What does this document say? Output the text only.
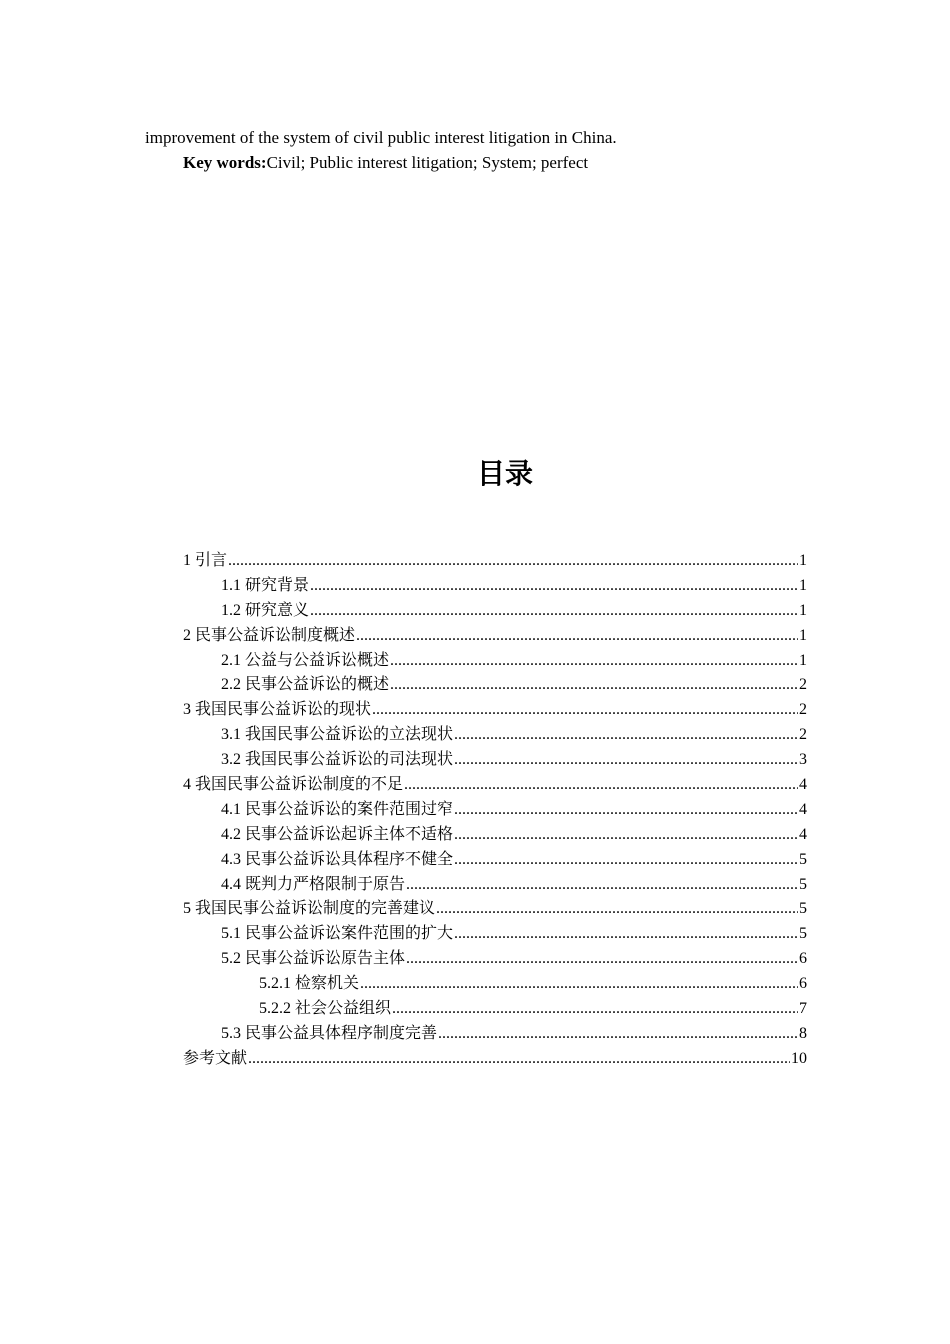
improvement of the system of civil public interest litigation in China.
Key words:Civil; Public interest litigation; System; perfect
目录
1 引言 .....	1
1.1 研究背景 .....	1
1.2 研究意义 .....	1
2 民事公益诉讼制度概述 .....	1
2.1 公益与公益诉讼概述 .....	1
2.2 民事公益诉讼的概述 .....	2
3 我国民事公益诉讼的现状 .....	2
3.1 我国民事公益诉讼的立法现状 .....	2
3.2 我国民事公益诉讼的司法现状 .....	3
4 我国民事公益诉讼制度的不足 .....	4
4.1 民事公益诉讼的案件范围过窄 .....	4
4.2 民事公益诉讼起诉主体不适格 .....	4
4.3 民事公益诉讼具体程序不健全 .....	5
4.4 既判力严格限制于原告 .....	5
5 我国民事公益诉讼制度的完善建议 .....	5
5.1 民事公益诉讼案件范围的扩大 .....	5
5.2 民事公益诉讼原告主体 .....	6
5.2.1 检察机关 .....	6
5.2.2 社会公益组织 .....	7
5.3 民事公益具体程序制度完善 .....	8
参考文献 .....	10
